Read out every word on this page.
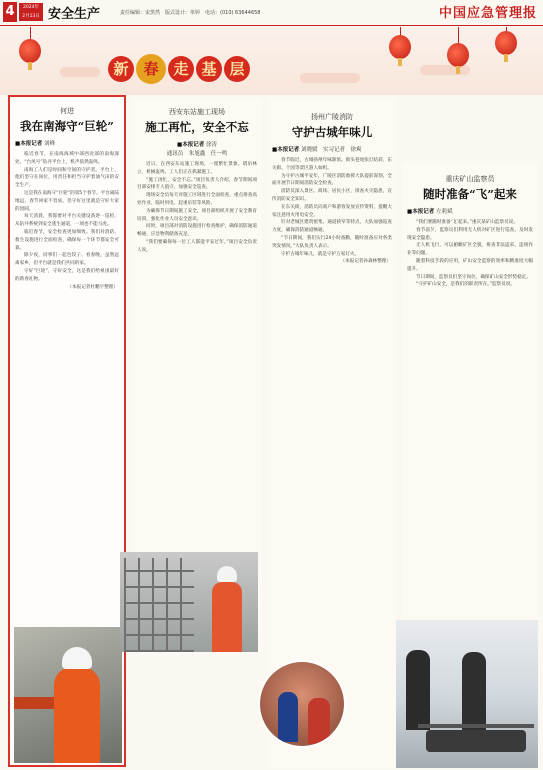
4	2024年
2月13日 安全生产	责任编辑：宋黑然　版式设计：单婷　电话：(010) 63644658	中国应急管理报
新 春 走 基 层
何进
我在南海守“巨轮”
■本报记者 刘峰

临近春节，在南海海域中部西北部的南海深处，“台风号”钻井平台上，机声依然轰鸣。

南海工人们是时间和空间的守护者。平台上，他们坚守在岗位，用责任和担当守护着油气田的安全生产。

这是我在南海守“巨轮”的第5个春节。平台离陆地远，春节回家不容易，但守好这里就是守好大家的团圆。

每天清晨，我都要对平台关键设备逐一巡检，从钻井系统到安全逃生通道，一项也不能马虎。

临近春节，安全检查更加细致。我们对消防、救生设施进行全面检查，确保每一个环节都安全可靠。

除夕夜，同事们一起包饺子、看春晚，虽然远离家乡，但平台就是我们共同的家。

守好“巨轮”，守好安全，这是我们给祖国最好的新春礼物。

（本报记者杜鹏宇整理）
西安东站施工现场
施工再忙，安全不忘
■本报记者 徐涛
通讯员　朱旭鑫　任一鸣

近日，在西安东站施工现场，一派繁忙景象。塔吊林立，机械轰鸣，工人们正在抓紧施工。

“施工再忙，安全不忘。”项目负责人介绍，春节期间项目部安排专人值守，加强安全巡查。

现场安全员每天对施工区域进行全面检查，重点排查高处作业、临时用电、起重吊装等风险。

为确保节日期间施工安全，项目部组织开展了安全教育培训，强化作业人员安全意识。

同时，项目部对消防设施进行检查维护，确保消防通道畅通，应急物资储备充足。

“我们要确保每一位工人都能平安过年。”项目安全负责人说。

扬州广陵消防
守护古城年味儿
■本报记者 刘晓媛　实习记者　徐爽

春节临近，古城扬州年味渐浓。街头巷尾张灯结彩，东关街、个园等景区游人如织。

为守护古城平安年，广陵区消防救援大队提前谋划，全面开展节日期间消防安全检查。

消防员深入景区、商场、居民小区，排查火灾隐患，宣传消防安全知识。

在东关街，消防员向商户和游客发放宣传资料，提醒大家注意用火用电安全。

针对老城区建筑密集、通道狭窄等特点，大队加强巡查力度，确保消防通道畅通。

“节日期间，我们实行24小时备勤，随时准备应对各类突发情况。”大队负责人表示。

守护古城年味儿，就是守护万家灯火。

（本报记者孙森林整理）
重庆矿山监察员
随时准备“飞”起来
■本报记者 左莉斌

“我们要随时准备‘飞’起来。”重庆某矿山监察员说。

春节前夕，监察员们利用无人机对矿区进行巡查，及时发现安全隐患。

无人机飞行，可以俯瞰矿区全貌，排查非法盗采、违规作业等问题。

随着科技手段的应用，矿山安全监察的效率和精准度大幅提升。

节日期间，监察员们坚守岗位，确保矿山安全形势稳定。

“守护矿山安全，是我们的职责所在。”监察员说。
